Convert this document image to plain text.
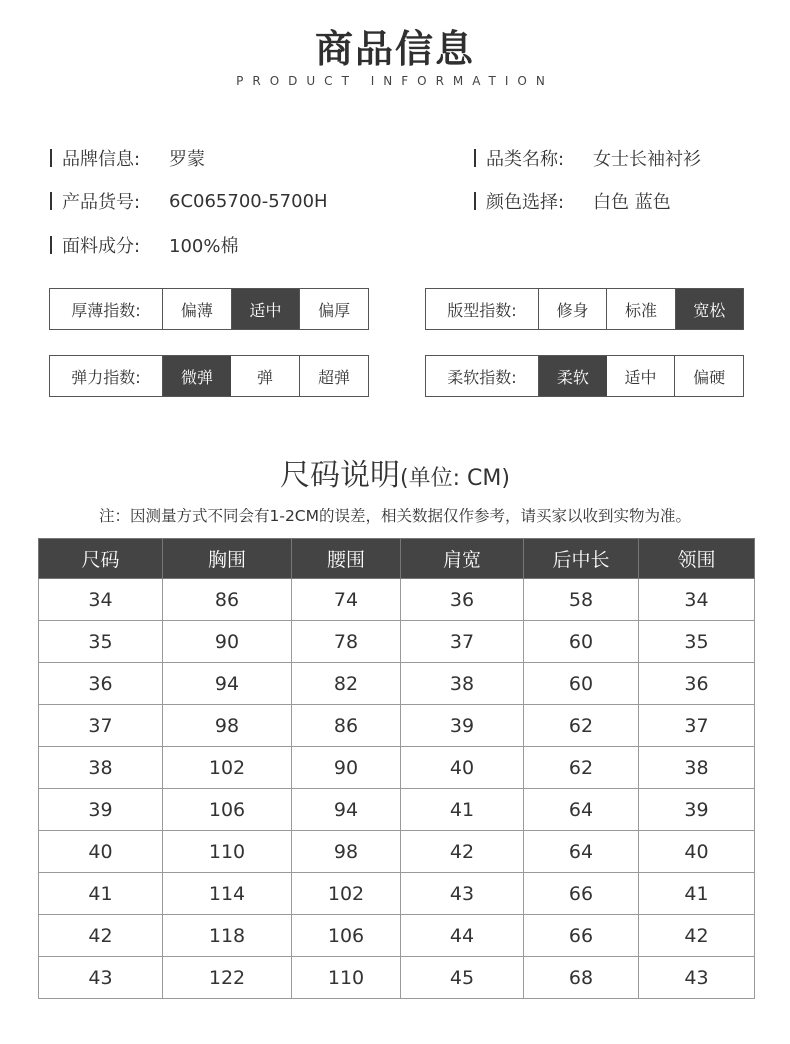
商品信息
PRODUCT INFORMATION
品牌信息:	罗蒙	品类名称:	女士长袖衬衫
产品货号:	6C065700-5700H	颜色选择:	白色 蓝色
面料成分:	100%棉
厚薄指数:	偏薄	适中	偏厚	版型指数:	修身	标准	宽松
弹力指数:	微弹	弹	超弹	柔软指数:	柔软	适中	偏硬
尺码说明(单位: CM)
注：因测量方式不同会有1-2CM的误差，相关数据仅作参考，请买家以收到实物为准。
尺码	胸围	腰围	肩宽	后中长	领围
34	86	74	36	58	34
35	90	78	37	60	35
36	94	82	38	60	36
37	98	86	39	62	37
38	102	90	40	62	38
39	106	94	41	64	39
40	110	98	42	64	40
41	114	102	43	66	41
42	118	106	44	66	42
43	122	110	45	68	43
